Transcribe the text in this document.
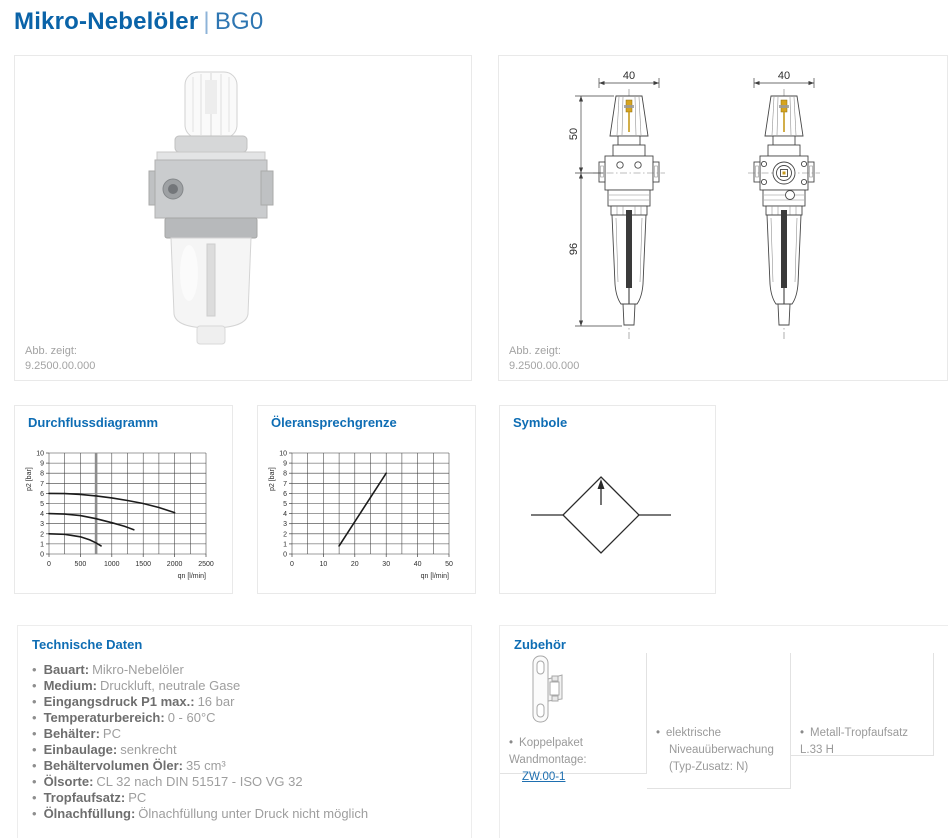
Mikro-Nebelöler | BG0
Abb. zeigt:
9.2500.00.000
40
50
96
40
Abb. zeigt:
9.2500.00.000
Durchflussdiagramm
0	500	1000 1500 2000 2500
0
1
2
3
4
5
6
7
8
9
10
qn [l/min]
p2 [bar]
Öleransprechgrenze
0	10	20	30	40	50
0
1
2
3
4
5
6
7
8
9
10
qn [l/min]
p2 [bar]
Symbole
Technische Daten
• Bauart: Mikro-Nebelöler
• Medium: Druckluft, neutrale Gase
• Eingangsdruck P1 max.: 16 bar
• Temperaturbereich: 0 - 60°C
• Behälter: PC
• Einbaulage: senkrecht
• Behältervolumen Öler: 35 cm³
• Ölsorte: CL 32 nach DIN 51517 - ISO VG 32
• Tropfaufsatz: PC
• Ölnachfüllung: Ölnachfüllung unter Druck nicht möglich
Zubehör
• Koppelpaket Wandmontage:
ZW.00-1
• elektrische
Niveauüberwachung
(Typ-Zusatz: N)
• Metall-Tropfaufsatz L.33 H
